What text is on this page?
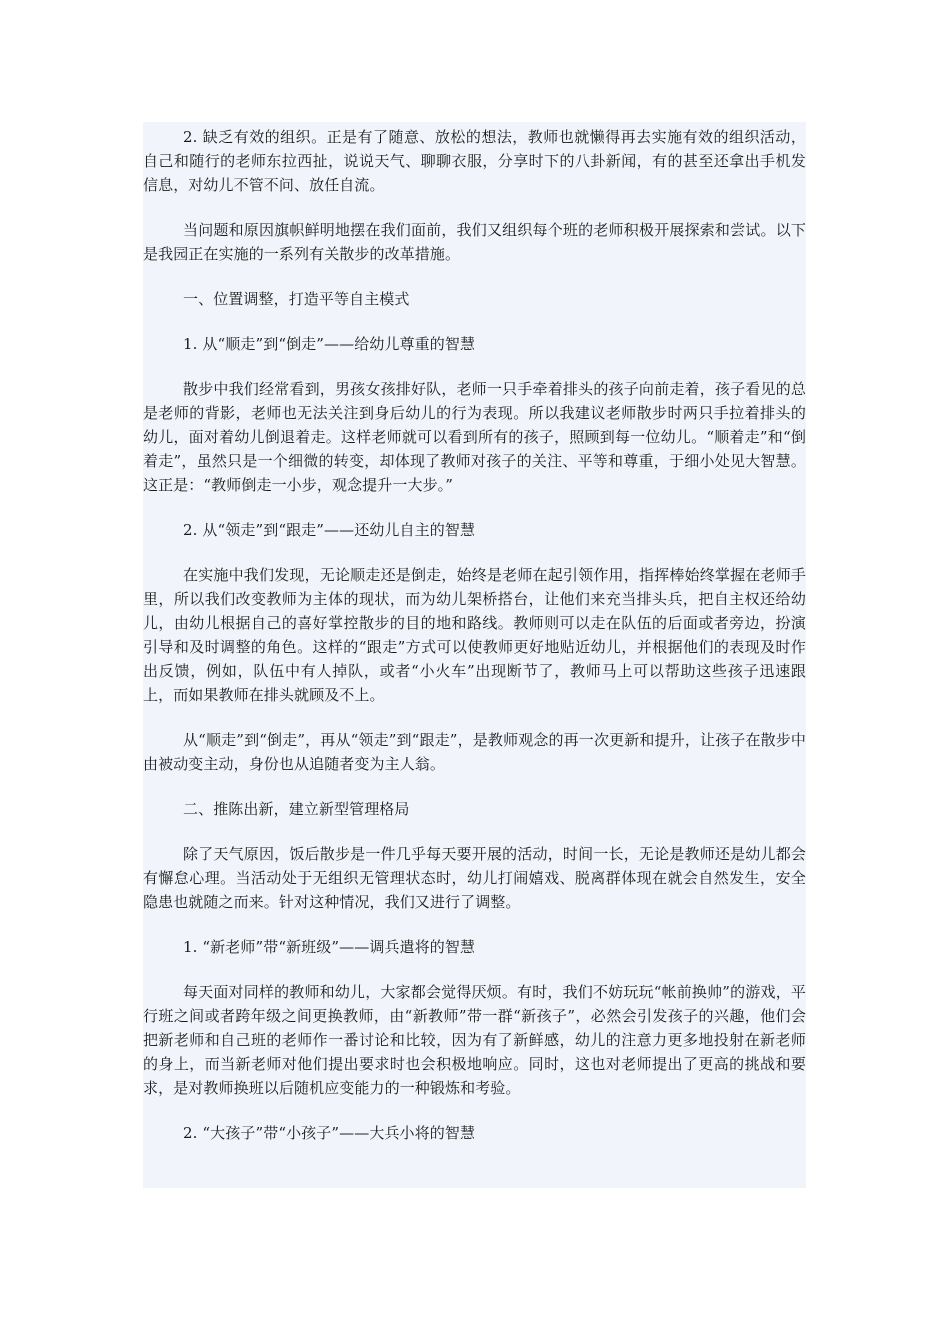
2. 缺乏有效的组织。正是有了随意、放松的想法，教师也就懒得再去实施有效的组织活动，自己和随行的老师东拉西扯，说说天气、聊聊衣服，分享时下的八卦新闻，有的甚至还拿出手机发信息，对幼儿不管不问、放任自流。

当问题和原因旗帜鲜明地摆在我们面前，我们又组织每个班的老师积极开展探索和尝试。以下是我园正在实施的一系列有关散步的改革措施。

一、位置调整，打造平等自主模式

1. 从“顺走”到“倒走”——给幼儿尊重的智慧

散步中我们经常看到，男孩女孩排好队，老师一只手牵着排头的孩子向前走着，孩子看见的总是老师的背影，老师也无法关注到身后幼儿的行为表现。所以我建议老师散步时两只手拉着排头的幼儿，面对着幼儿倒退着走。这样老师就可以看到所有的孩子，照顾到每一位幼儿。“顺着走”和“倒着走”，虽然只是一个细微的转变，却体现了教师对孩子的关注、平等和尊重，于细小处见大智慧。这正是：“教师倒走一小步，观念提升一大步。”

2. 从“领走”到“跟走”——还幼儿自主的智慧

在实施中我们发现，无论顺走还是倒走，始终是老师在起引领作用，指挥棒始终掌握在老师手里，所以我们改变教师为主体的现状，而为幼儿架桥搭台，让他们来充当排头兵，把自主权还给幼儿，由幼儿根据自己的喜好掌控散步的目的地和路线。教师则可以走在队伍的后面或者旁边，扮演引导和及时调整的角色。这样的“跟走”方式可以使教师更好地贴近幼儿，并根据他们的表现及时作出反馈，例如，队伍中有人掉队，或者“小火车”出现断节了，教师马上可以帮助这些孩子迅速跟上，而如果教师在排头就顾及不上。

从“顺走”到“倒走”，再从“领走”到“跟走”，是教师观念的再一次更新和提升，让孩子在散步中由被动变主动，身份也从追随者变为主人翁。

二、推陈出新，建立新型管理格局

除了天气原因，饭后散步是一件几乎每天要开展的活动，时间一长，无论是教师还是幼儿都会有懈怠心理。当活动处于无组织无管理状态时，幼儿打闹嬉戏、脱离群体现在就会自然发生，安全隐患也就随之而来。针对这种情况，我们又进行了调整。

1. “新老师”带“新班级”——调兵遣将的智慧

每天面对同样的教师和幼儿，大家都会觉得厌烦。有时，我们不妨玩玩“帐前换帅”的游戏，平行班之间或者跨年级之间更换教师，由“新教师”带一群“新孩子”，必然会引发孩子的兴趣，他们会把新老师和自己班的老师作一番讨论和比较，因为有了新鲜感，幼儿的注意力更多地投射在新老师的身上，而当新老师对他们提出要求时也会积极地响应。同时，这也对老师提出了更高的挑战和要求，是对教师换班以后随机应变能力的一种锻炼和考验。

2. “大孩子”带“小孩子”——大兵小将的智慧
